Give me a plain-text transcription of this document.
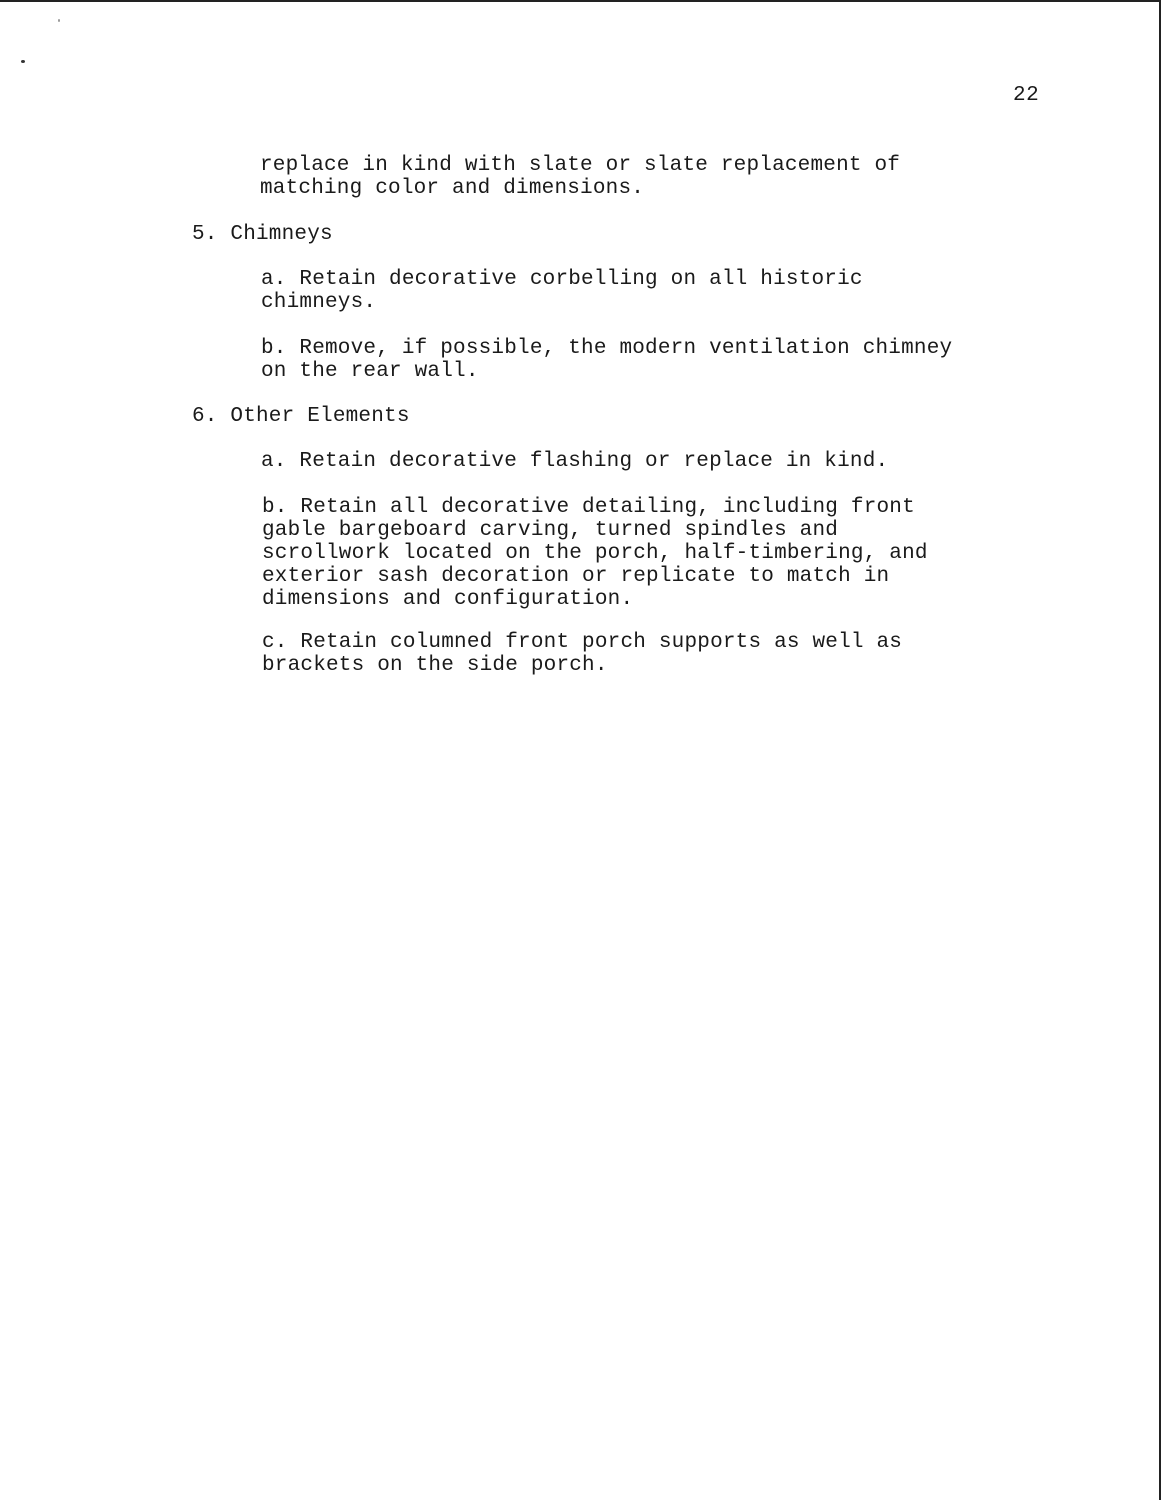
22
replace in kind with slate or slate replacement of
matching color and dimensions.
5. Chimneys
a. Retain decorative corbelling on all historic
chimneys.
b. Remove, if possible, the modern ventilation chimney
on the rear wall.
6. Other Elements
a. Retain decorative flashing or replace in kind.
b. Retain all decorative detailing, including front
gable bargeboard carving, turned spindles and
scrollwork located on the porch, half-timbering, and
exterior sash decoration or replicate to match in
dimensions and configuration.
c. Retain columned front porch supports as well as
brackets on the side porch.
